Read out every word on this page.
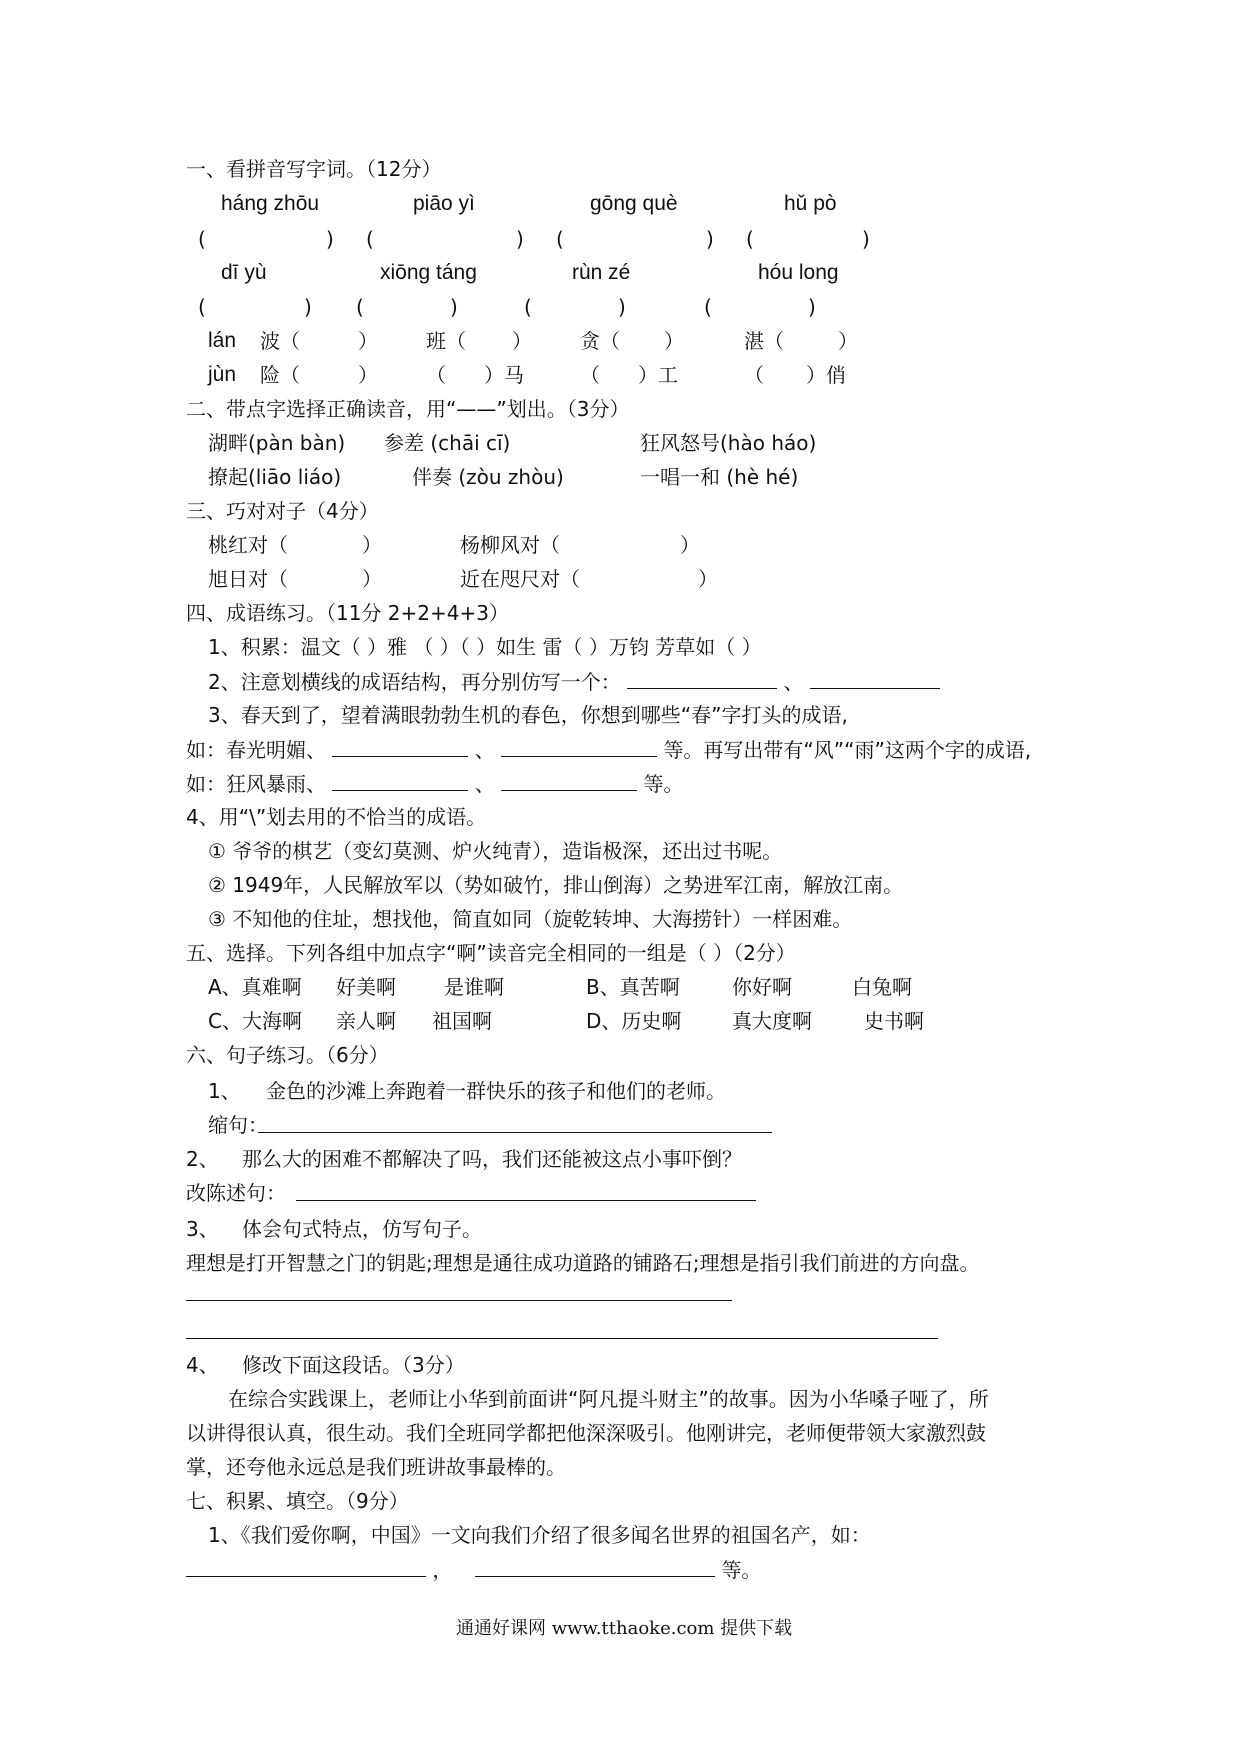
一、看拼音写字词。（12分）
háng zhōu	piāo yì	gōng què	hǔ pò
(	) (	) (	) (	)
dī yù	xiōng táng	rùn zé	hóu long
(	) (	)	(	)	(	)
lán 波（	） 班（ ） 贪（ ）	湛（	）
jùn 险（	） （ ）马	（ ）工	（ ）俏
二、带点字选择正确读音，用“——”划出。（3分）
湖畔(pàn bàn) 参差 (chāi cī)	狂风怒号(hào háo)
撩起(liāo liáo)	伴奏 (zòu zhòu)	一唱一和 (hè hé)
三、巧对对子（4分）
桃红对（	）	杨柳风对（	）
旭日对（	）	近在咫尺对（	）
四、成语练习。（11分 2+2+4+3）
1、积累：温文（ ）雅 （ ）（ ）如生 雷（ ）万钧 芳草如（ ）
2、注意划横线的成语结构，再分别仿写一个：	、
3、春天到了，望着满眼勃勃生机的春色，你想到哪些“春”字打头的成语,
如：春光明媚、	、	等。再写出带有“风”“雨”这两个字的成语,
如：狂风暴雨、	、	等。
4、用“\”划去用的不恰当的成语。
① 爷爷的棋艺（变幻莫测、炉火纯青），造诣极深，还出过书呢。
② 1949年，人民解放军以（势如破竹，排山倒海）之势进军江南，解放江南。
③ 不知他的住址，想找他，简直如同（旋乾转坤、大海捞针）一样困难。
五、选择。下列各组中加点字“啊”读音完全相同的一组是（ ）（2分）
A、真难啊 好美啊 是谁啊	B、真苦啊	你好啊	白兔啊
C、大海啊 亲人啊 祖国啊	D、历史啊	真大度啊	史书啊
六、句子练习。（6分）
1、 金色的沙滩上奔跑着一群快乐的孩子和他们的老师。
缩句：
2、 那么大的困难不都解决了吗，我们还能被这点小事吓倒？
改陈述句：
3、 体会句式特点，仿写句子。
理想是打开智慧之门的钥匙;理想是通往成功道路的铺路石;理想是指引我们前进的方向盘。
4、 修改下面这段话。（3分）
在综合实践课上，老师让小华到前面讲“阿凡提斗财主”的故事。因为小华嗓子哑了，所
以讲得很认真，很生动。我们全班同学都把他深深吸引。他刚讲完，老师便带领大家激烈鼓
掌，还夸他永远总是我们班讲故事最棒的。
七、积累、填空。（9分）
1、《我们爱你啊，中国》一文向我们介绍了很多闻名世界的祖国名产，如：
，	等。
通通好课网 www.tthaoke.com 提供下载
